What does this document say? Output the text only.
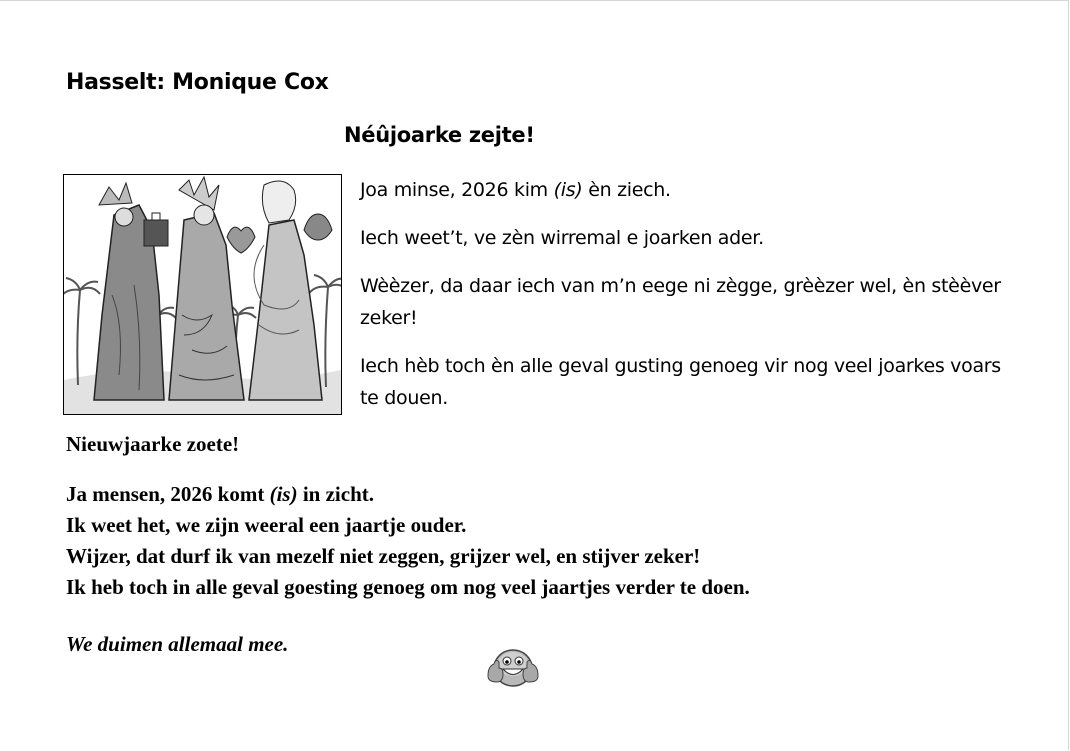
Hasselt: Monique Cox
Néûjoarke zejte!

Joa minse, 2026 kim (is) èn ziech.

Iech weet’t, ve zèn wirremal e joarken ader.

Wèèzer, da daar iech van m’n eege ni zègge, grèèzer wel, èn stèèver zeker!

Iech hèb toch èn alle geval gusting genoeg vir nog veel joarkes voars te douen.

Nieuwjaarke zoete!
Ja mensen, 2026 komt (is) in zicht.
Ik weet het, we zijn weeral een jaartje ouder.
Wijzer, dat durf ik van mezelf niet zeggen, grijzer wel, en stijver zeker!
Ik heb toch in alle geval goesting genoeg om nog veel jaartjes verder te doen.
We duimen allemaal mee.
